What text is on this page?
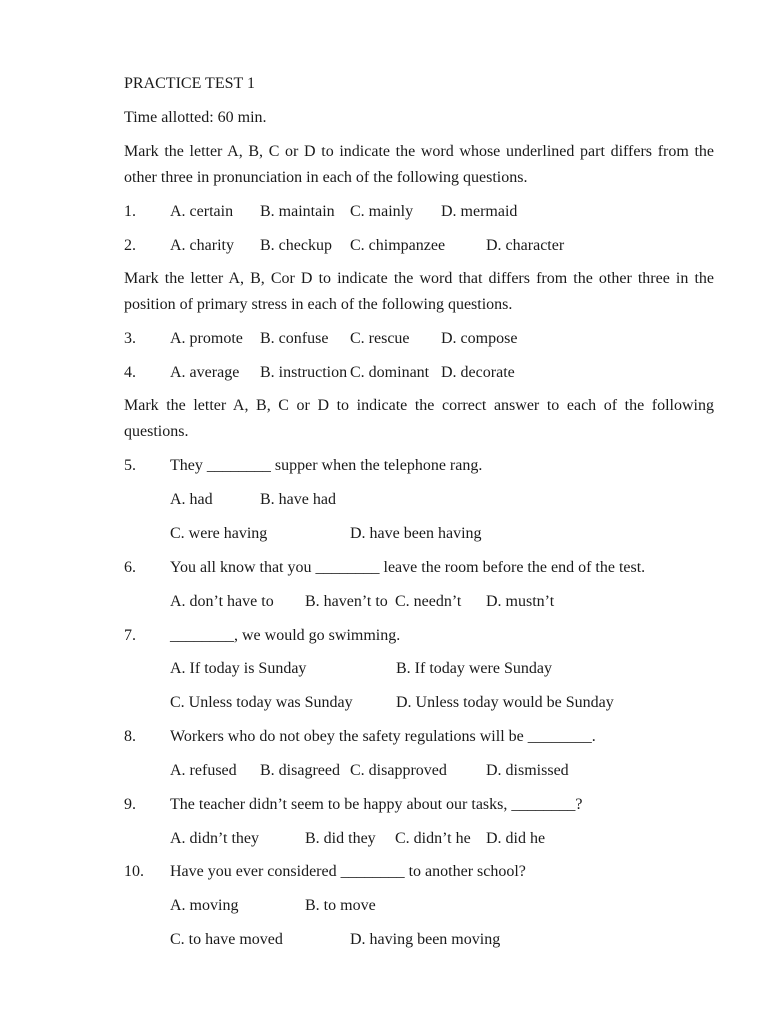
PRACTICE TEST 1
Time allotted: 60 min.
Mark the letter A, B, C or D to indicate the word whose underlined part differs from the other three in pronunciation in each of the following questions.
1. A. certain B. maintain C. mainly D. mermaid
2. A. charity B. checkup C. chimpanzee	D. character
Mark the letter A, B, Cor D to indicate the word that differs from the other three in the position of primary stress in each of the following questions.
3. A. promote B. confuse C. rescue D. compose
4. A. average B. instruction C. dominant D. decorate
Mark the letter A, B, C or D to indicate the correct answer to each of the following questions.
5. They ________ supper when the telephone rang.
A. had	B. have had
C. were having	D. have been having
6. You all know that you ________ leave the room before the end of the test.
A. don’t have to B. haven’t to C. needn’t D. mustn’t
7. ________, we would go swimming.
A. If today is Sunday	B. If today were Sunday
C. Unless today was Sunday	D. Unless today would be Sunday
8. Workers who do not obey the safety regulations will be ________.
A. refused B. disagreed C. disapproved D. dismissed
9. The teacher didn’t seem to be happy about our tasks, ________?
A. didn’t they	B. did they C. didn’t he D. did he
10. Have you ever considered ________ to another school?
A. moving	B. to move
C. to have moved	D. having been moving
